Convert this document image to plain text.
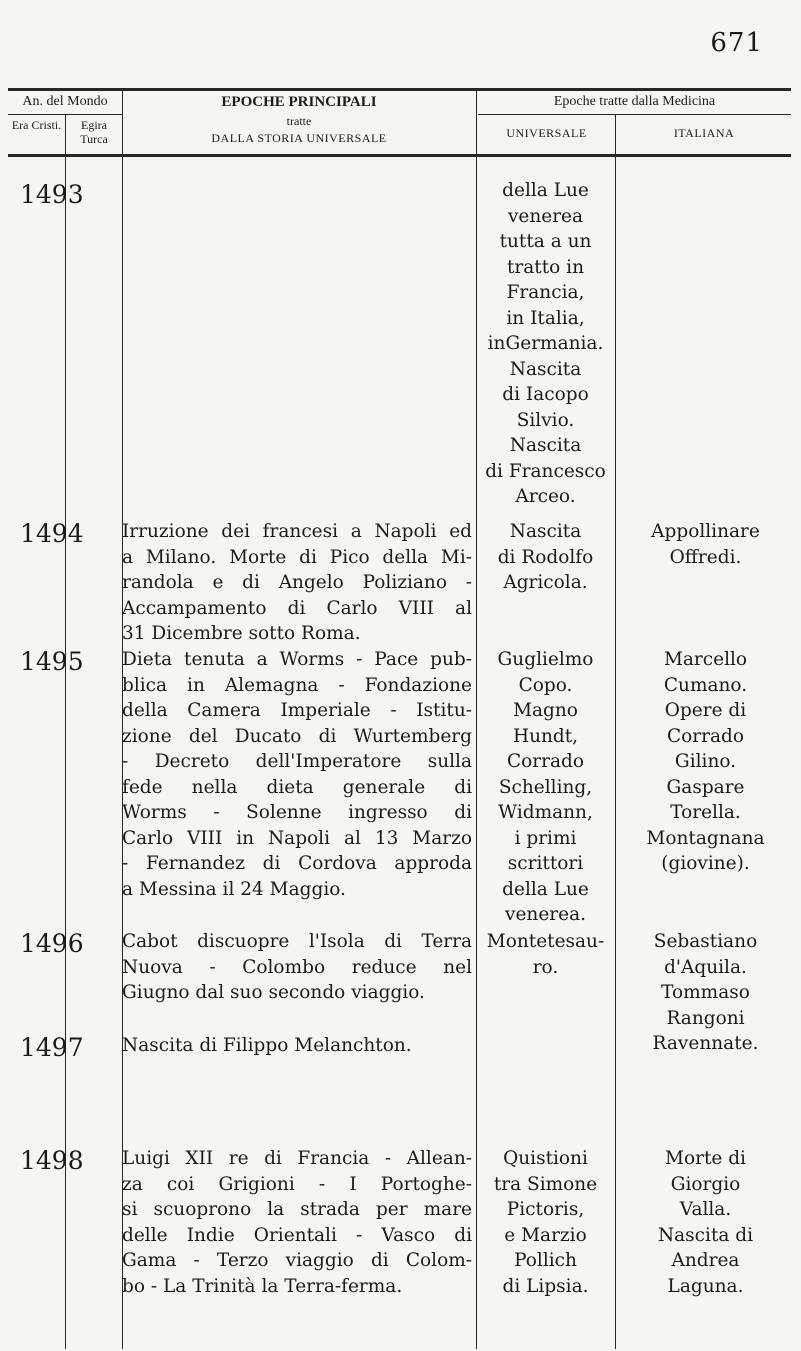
671
An. del Mondo
Era Cristi.	Egira Turca
EPOCHE PRINCIPALI
tratte
DALLA STORIA UNIVERSALE
Epoche tratte dalla Medicina
UNIVERSALE	ITALIANA
1493
1494
1495
1496
1497
1498
della Lue
venerea
tutta a un
tratto in
Francia,
in Italia,
inGermania.
Nascita
di Iacopo
Silvio.
Nascita
di Francesco
Arceo.
Irruzione dei francesi a Napoli ed
a Milano. Morte di Pico della Mi-
randola e di Angelo Poliziano -
Accampamento di Carlo VIII al
31 Dicembre sotto Roma.
Nascita
di Rodolfo
Agricola.
Appollinare
Offredi.
Dieta tenuta a Worms - Pace pub-
blica in Alemagna - Fondazione
della Camera Imperiale - Istitu-
zione del Ducato di Wurtemberg
- Decreto dell'Imperatore sulla
fede nella dieta generale di
Worms - Solenne ingresso di
Carlo VIII in Napoli al 13 Marzo
- Fernandez di Cordova approda
a Messina il 24 Maggio.
Guglielmo
Copo.
Magno
Hundt,
Corrado
Schelling,
Widmann,
i primi
scrittori
della Lue
venerea.
Marcello
Cumano.
Opere di
Corrado
Gilino.
Gaspare
Torella.
Montagnana
(giovine).
Cabot discuopre l'Isola di Terra
Nuova - Colombo reduce nel
Giugno dal suo secondo viaggio.
Montetesau-
ro.
Sebastiano
d'Aquila.
Tommaso
Rangoni
Ravennate.
Nascita di Filippo Melanchton.
Luigi XII re di Francia - Allean-
za coi Grigioni - I Portoghe-
si scuoprono la strada per mare
delle Indie Orientali - Vasco di
Gama - Terzo viaggio di Colom-
bo - La Trinità la Terra-ferma.
Quistioni
tra Simone
Pictoris,
e Marzio
Pollich
di Lipsia.
Morte di
Giorgio
Valla.
Nascita di
Andrea
Laguna.
